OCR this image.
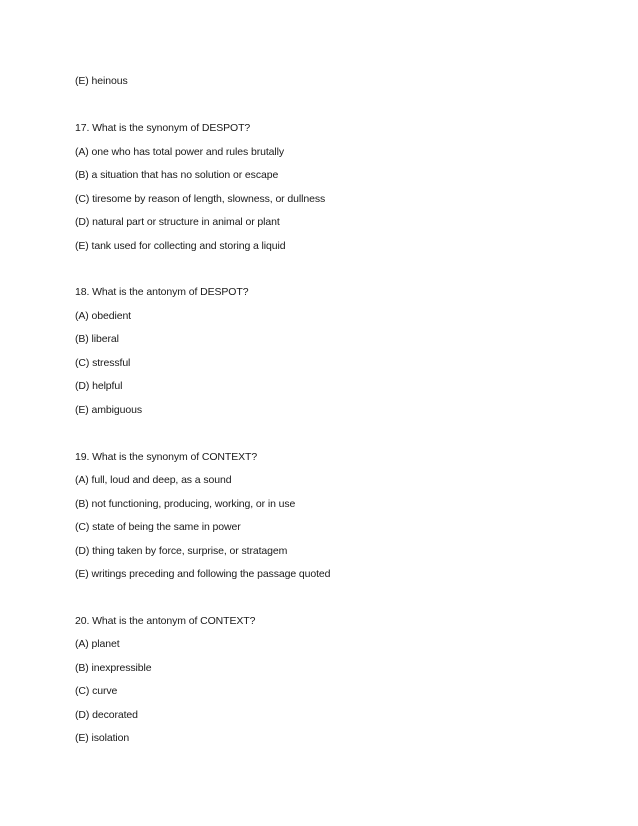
(E) heinous
17. What is the synonym of DESPOT?
(A) one who has total power and rules brutally
(B) a situation that has no solution or escape
(C) tiresome by reason of length, slowness, or dullness
(D) natural part or structure in animal or plant
(E) tank used for collecting and storing a liquid
18. What is the antonym of DESPOT?
(A) obedient
(B) liberal
(C) stressful
(D) helpful
(E) ambiguous
19. What is the synonym of CONTEXT?
(A) full, loud and deep, as a sound
(B) not functioning, producing, working, or in use
(C) state of being the same in power
(D) thing taken by force, surprise, or stratagem
(E) writings preceding and following the passage quoted
20. What is the antonym of CONTEXT?
(A) planet
(B) inexpressible
(C) curve
(D) decorated
(E) isolation
